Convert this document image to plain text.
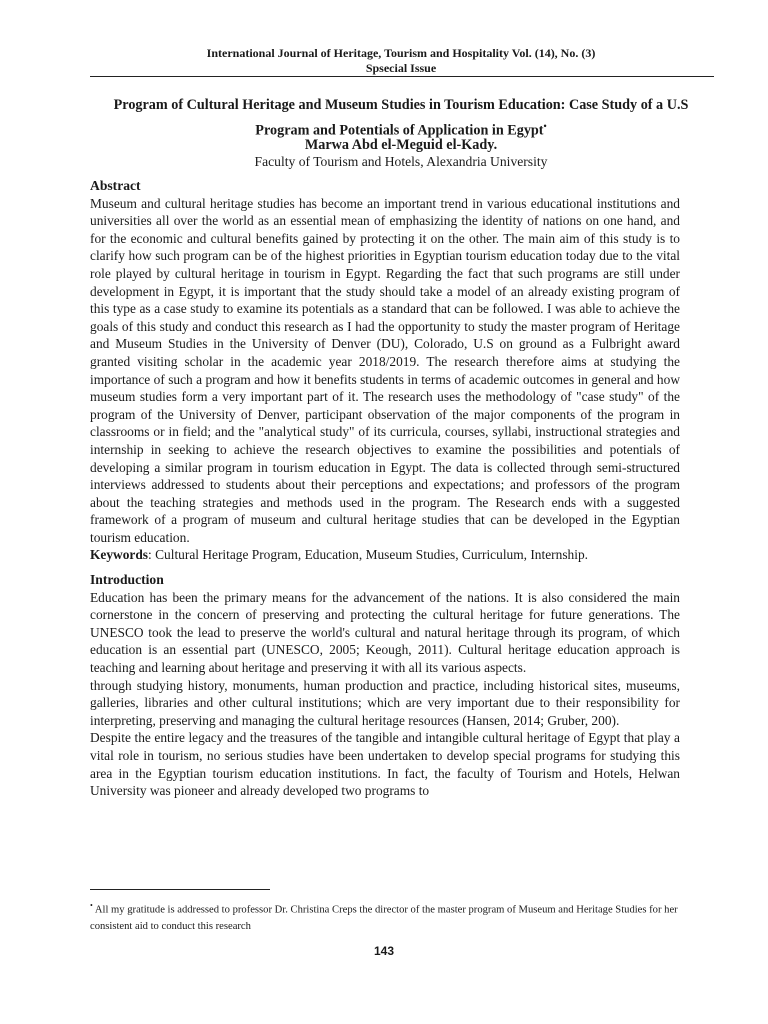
International Journal of Heritage, Tourism and Hospitality Vol. (14), No. (3)
Spsecial Issue
Program of Cultural Heritage and Museum Studies in Tourism Education: Case Study of a U.S Program and Potentials of Application in Egypt•
Marwa Abd el-Meguid el-Kady.
Faculty of Tourism and Hotels, Alexandria University
Abstract

Museum and cultural heritage studies has become an important trend in various educational institutions and universities all over the world as an essential mean of emphasizing the identity of nations on one hand, and for the economic and cultural benefits gained by protecting it on the other. The main aim of this study is to clarify how such program can be of the highest priorities in Egyptian tourism education today due to the vital role played by cultural heritage in tourism in Egypt. Regarding the fact that such programs are still under development in Egypt, it is important that the study should take a model of an already existing program of this type as a case study to examine its potentials as a standard that can be followed. I was able to achieve the goals of this study and conduct this research as I had the opportunity to study the master program of Heritage and Museum Studies in the University of Denver (DU), Colorado, U.S on ground as a Fulbright award granted visiting scholar in the academic year 2018/2019. The research therefore aims at studying the importance of such a program and how it benefits students in terms of academic outcomes in general and how museum studies form a very important part of it. The research uses the methodology of "case study" of the program of the University of Denver, participant observation of the major components of the program in classrooms or in field; and the "analytical study" of its curricula, courses, syllabi, instructional strategies and internship in seeking to achieve the research objectives to examine the possibilities and potentials of developing a similar program in tourism education in Egypt. The data is collected through semi-structured interviews addressed to students about their perceptions and expectations; and professors of the program about the teaching strategies and methods used in the program. The Research ends with a suggested framework of a program of museum and cultural heritage studies that can be developed in the Egyptian tourism education.

Keywords: Cultural Heritage Program, Education, Museum Studies, Curriculum, Internship.

Introduction

Education has been the primary means for the advancement of the nations. It is also considered the main cornerstone in the concern of preserving and protecting the cultural heritage for future generations. The UNESCO took the lead to preserve the world's cultural and natural heritage through its program, of which education is an essential part (UNESCO, 2005; Keough, 2011). Cultural heritage education approach is teaching and learning about heritage and preserving it with all its various aspects.

through studying history, monuments, human production and practice, including historical sites, museums, galleries, libraries and other cultural institutions; which are very important due to their responsibility for interpreting, preserving and managing the cultural heritage resources (Hansen, 2014; Gruber, 200).

Despite the entire legacy and the treasures of the tangible and intangible cultural heritage of Egypt that play a vital role in tourism, no serious studies have been undertaken to develop special programs for studying this area in the Egyptian tourism education institutions. In fact, the faculty of Tourism and Hotels, Helwan University was pioneer and already developed two programs to

• All my gratitude is addressed to professor Dr. Christina Creps the director of the master program of Museum and Heritage Studies for her consistent aid to conduct this research
143
